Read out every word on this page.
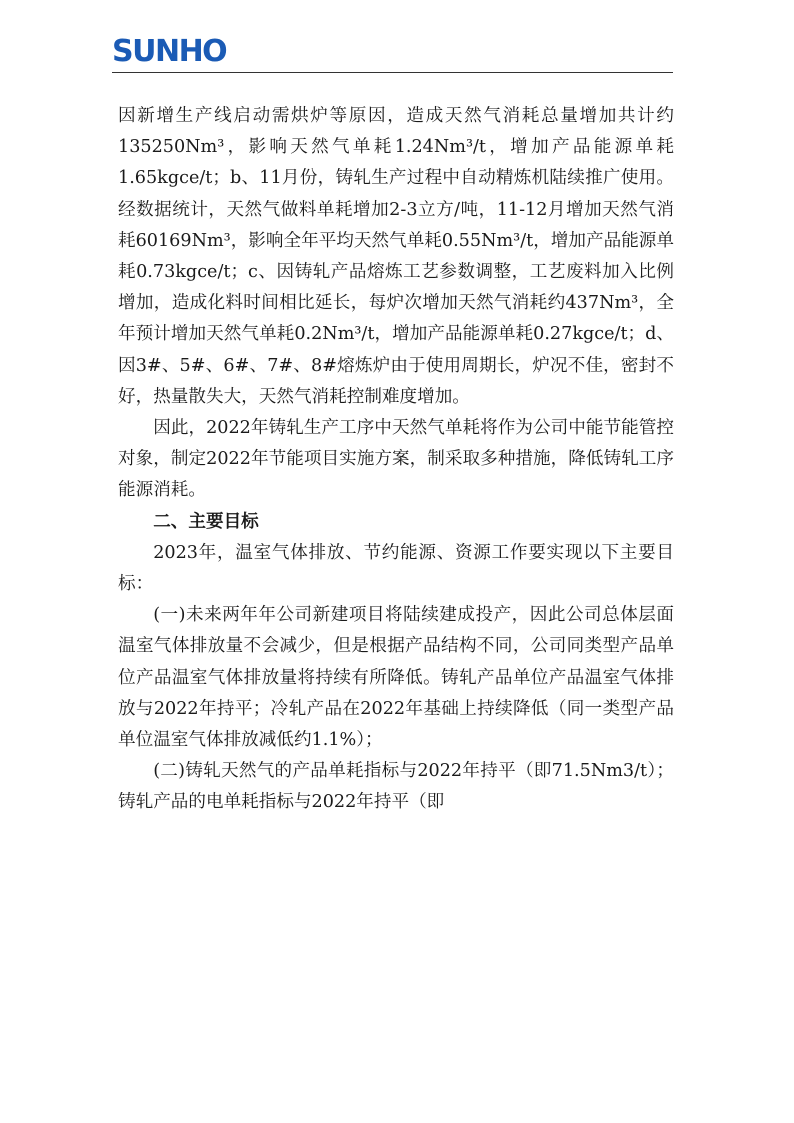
SUNHO

因新增生产线启动需烘炉等原因，造成天然气消耗总量增加共计约135250Nm³，影响天然气单耗1.24Nm³/t，增加产品能源单耗1.65kgce/t；b、11月份，铸轧生产过程中自动精炼机陆续推广使用。经数据统计，天然气做料单耗增加2-3立方/吨，11-12月增加天然气消耗60169Nm³，影响全年平均天然气单耗0.55Nm³/t，增加产品能源单耗0.73kgce/t；c、因铸轧产品熔炼工艺参数调整，工艺废料加入比例增加，造成化料时间相比延长，每炉次增加天然气消耗约437Nm³，全年预计增加天然气单耗0.2Nm³/t，增加产品能源单耗0.27kgce/t；d、因3#、5#、6#、7#、8#熔炼炉由于使用周期长，炉况不佳，密封不好，热量散失大，天然气消耗控制难度增加。

因此，2022年铸轧生产工序中天然气单耗将作为公司中能节能管控对象，制定2022年节能项目实施方案，制采取多种措施，降低铸轧工序能源消耗。

二、主要目标

2023年，温室气体排放、节约能源、资源工作要实现以下主要目标：

(一)未来两年年公司新建项目将陆续建成投产，因此公司总体层面温室气体排放量不会减少，但是根据产品结构不同，公司同类型产品单位产品温室气体排放量将持续有所降低。铸轧产品单位产品温室气体排放与2022年持平；冷轧产品在2022年基础上持续降低（同一类型产品单位温室气体排放减低约1.1%）；

(二)铸轧天然气的产品单耗指标与2022年持平（即71.5Nm3/t）；铸轧产品的电单耗指标与2022年持平（即
